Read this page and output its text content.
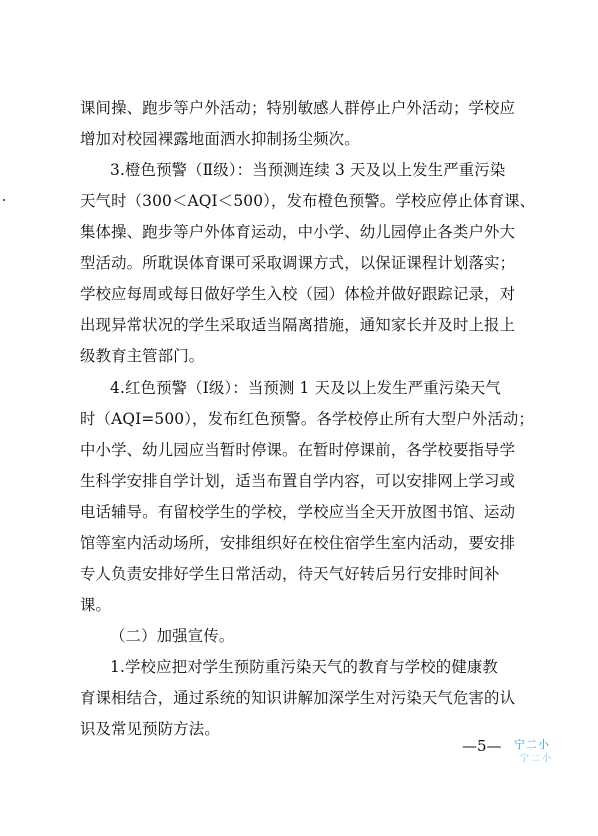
课间操、跑步等户外活动；特别敏感人群停止户外活动；学校应
增加对校园裸露地面洒水抑制扬尘频次。
3.橙色预警（Ⅱ级）：当预测连续 3 天及以上发生严重污染
天气时（300＜AQI＜500），发布橙色预警。学校应停止体育课、
集体操、跑步等户外体育运动，中小学、幼儿园停止各类户外大
型活动。所耽误体育课可采取调课方式，以保证课程计划落实；
学校应每周或每日做好学生入校（园）体检并做好跟踪记录，对
出现异常状况的学生采取适当隔离措施，通知家长并及时上报上
级教育主管部门。
4.红色预警（Ⅰ级）：当预测 1 天及以上发生严重污染天气
时（AQI=500），发布红色预警。各学校停止所有大型户外活动；
中小学、幼儿园应当暂时停课。在暂时停课前，各学校要指导学
生科学安排自学计划，适当布置自学内容，可以安排网上学习或
电话辅导。有留校学生的学校，学校应当全天开放图书馆、运动
馆等室内活动场所，安排组织好在校住宿学生室内活动，要安排
专人负责安排好学生日常活动，待天气好转后另行安排时间补
课。
（二）加强宣传。
1.学校应把对学生预防重污染天气的教育与学校的健康教
育课相结合，通过系统的知识讲解加深学生对污染天气危害的认
识及常见预防方法。
—5— 宁二小
宁二小
